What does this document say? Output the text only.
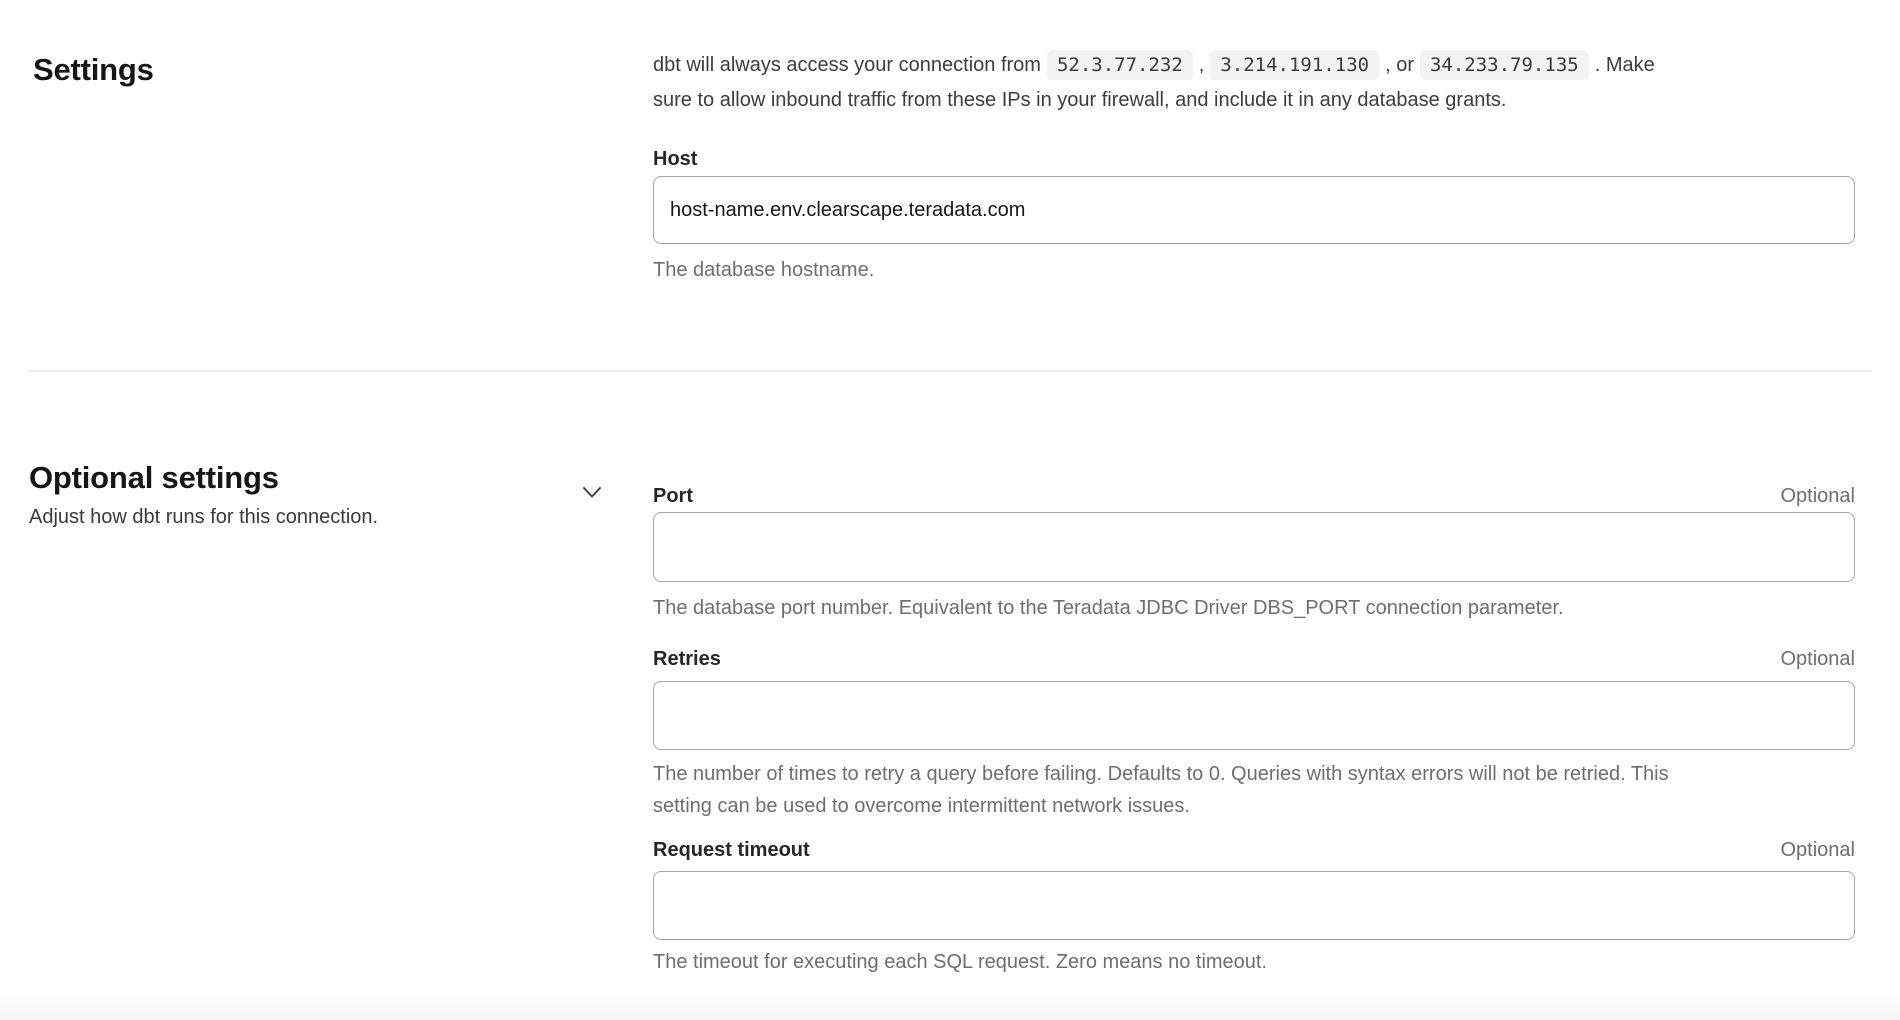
Settings	dbt will always access your connection from 52.3.77.232 , 3.214.191.130 , or 34.233.79.135 . Make
sure to allow inbound traffic from these IPs in your firewall, and include it in any database grants.
Host
host-name.env.clearscape.teradata.com
The database hostname.
Optional settings
Adjust how dbt runs for this connection.
Port	Optional
The database port number. Equivalent to the Teradata JDBC Driver DBS_PORT connection parameter.
Retries	Optional
The number of times to retry a query before failing. Defaults to 0. Queries with syntax errors will not be retried. This
setting can be used to overcome intermittent network issues.
Request timeout	Optional
The timeout for executing each SQL request. Zero means no timeout.
